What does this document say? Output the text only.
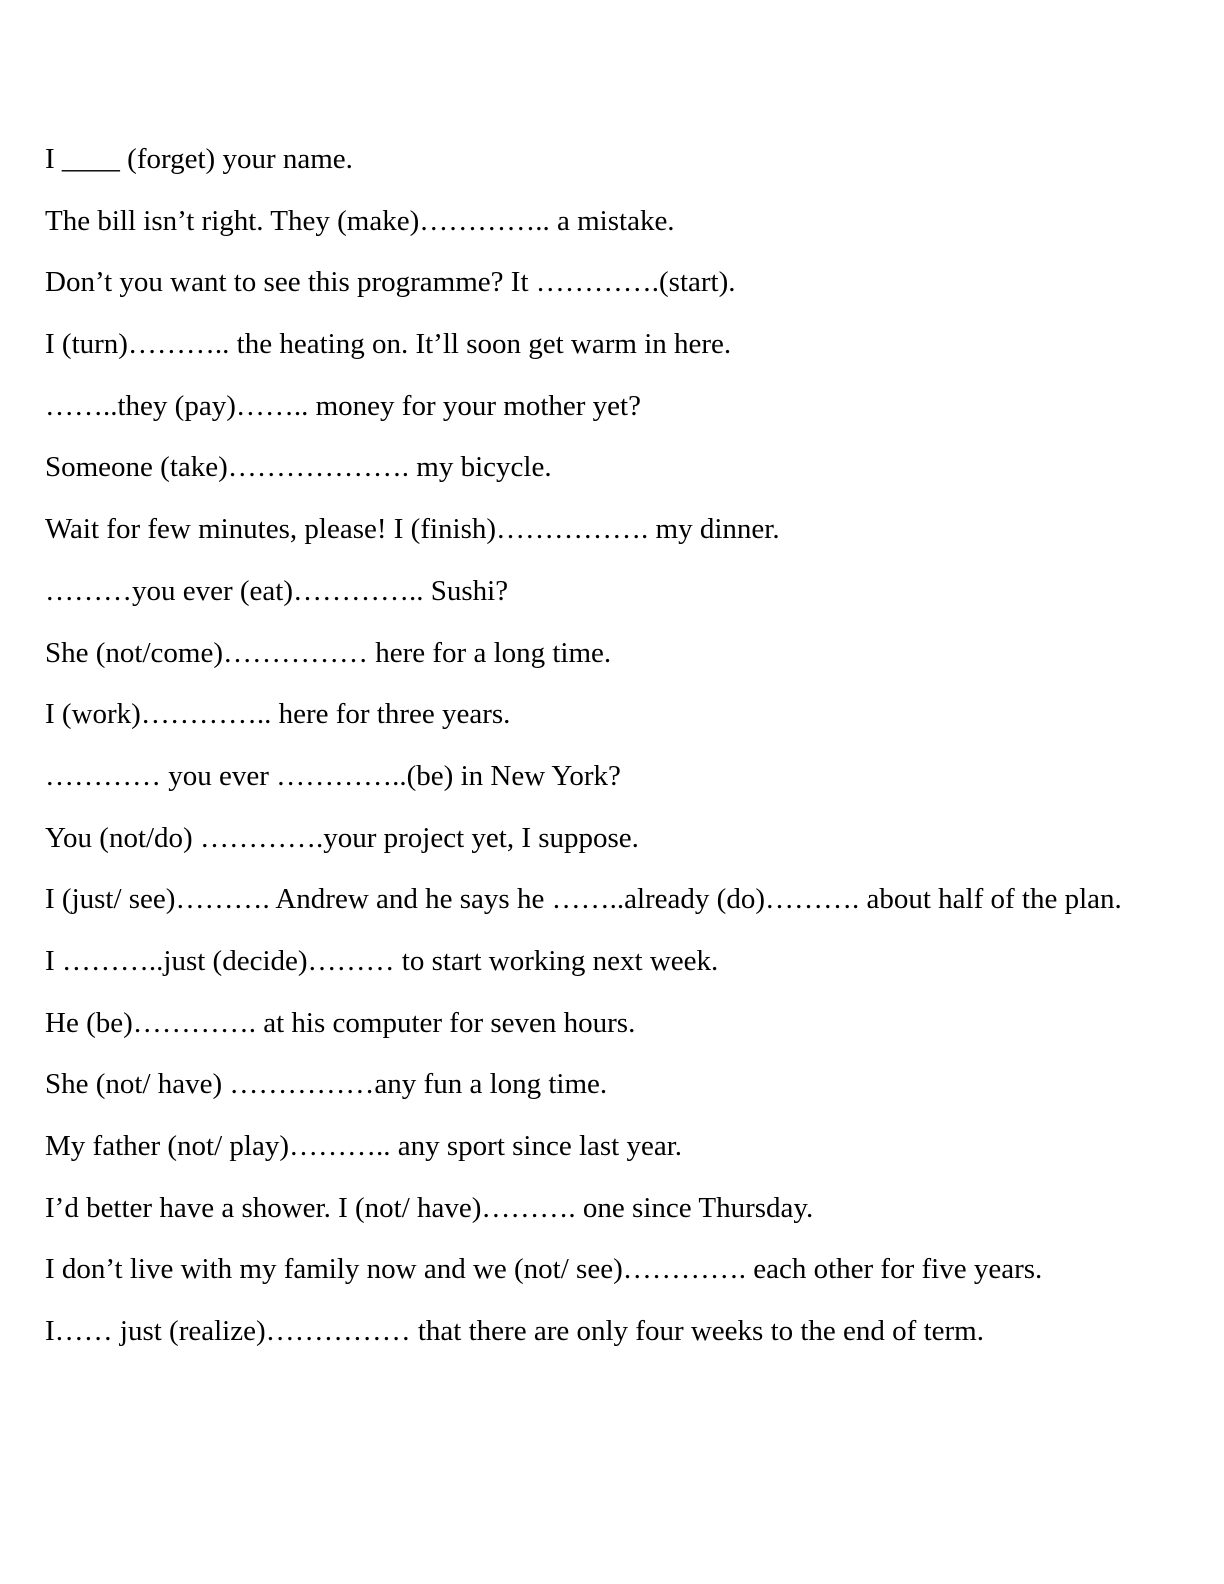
I ____ (forget) your name.
The bill isn’t right. They (make)………….. a mistake.
Don’t you want to see this programme? It ………….(start).
I (turn)……….. the heating on. It’ll soon get warm in here.
……..they (pay)…….. money for your mother yet?
Someone (take)………………. my bicycle.
Wait for few minutes, please! I (finish)……………. my dinner.
………you ever (eat)………….. Sushi?
She (not/come)…………… here for a long time.
I (work)………….. here for three years.
………… you ever …………..(be) in New York?
You (not/do) ………….your project yet, I suppose.
I (just/ see)………. Andrew and he says he ……..already (do)………. about half of the plan.
I ………..just (decide)……… to start working next week.
He (be)…………. at his computer for seven hours.
She (not/ have) ……………any fun a long time.
My father (not/ play)……….. any sport since last year.
I’d better have a shower. I (not/ have)………. one since Thursday.
I don’t live with my family now and we (not/ see)…………. each other for five years.
I…… just (realize)…………… that there are only four weeks to the end of term.
